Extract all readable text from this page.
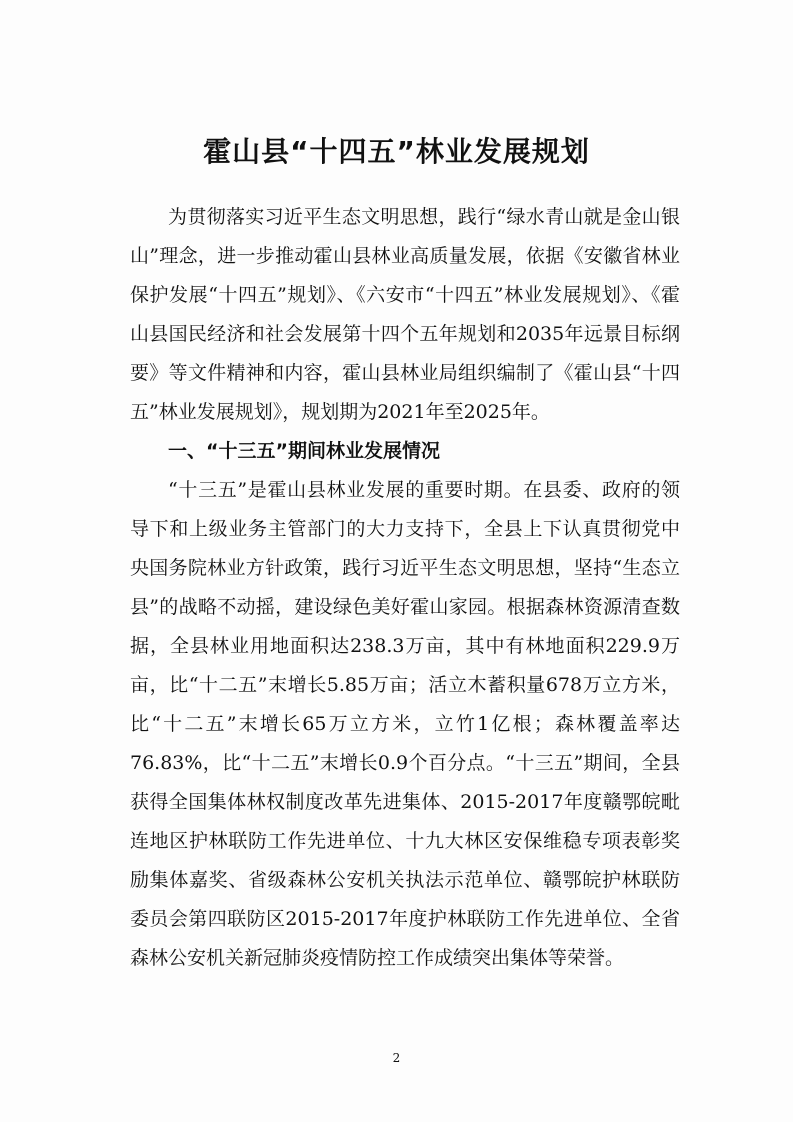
霍山县“十四五”林业发展规划

为贯彻落实习近平生态文明思想，践行“绿水青山就是金山银山”理念，进一步推动霍山县林业高质量发展，依据《安徽省林业保护发展“十四五”规划》、《六安市“十四五”林业发展规划》、《霍山县国民经济和社会发展第十四个五年规划和2035年远景目标纲要》等文件精神和内容，霍山县林业局组织编制了《霍山县“十四五”林业发展规划》，规划期为2021年至2025年。

一、“十三五”期间林业发展情况

“十三五”是霍山县林业发展的重要时期。在县委、政府的领导下和上级业务主管部门的大力支持下，全县上下认真贯彻党中央国务院林业方针政策，践行习近平生态文明思想，坚持“生态立县”的战略不动摇，建设绿色美好霍山家园。根据森林资源清查数据，全县林业用地面积达238.3万亩，其中有林地面积229.9万亩，比“十二五”末增长5.85万亩；活立木蓄积量678万立方米，比“十二五”末增长65万立方米，立竹1亿根；森林覆盖率达76.83%，比“十二五”末增长0.9个百分点。“十三五”期间，全县获得全国集体林权制度改革先进集体、2015-2017年度赣鄂皖毗连地区护林联防工作先进单位、十九大林区安保维稳专项表彰奖励集体嘉奖、省级森林公安机关执法示范单位、赣鄂皖护林联防委员会第四联防区2015-2017年度护林联防工作先进单位、全省森林公安机关新冠肺炎疫情防控工作成绩突出集体等荣誉。

2
